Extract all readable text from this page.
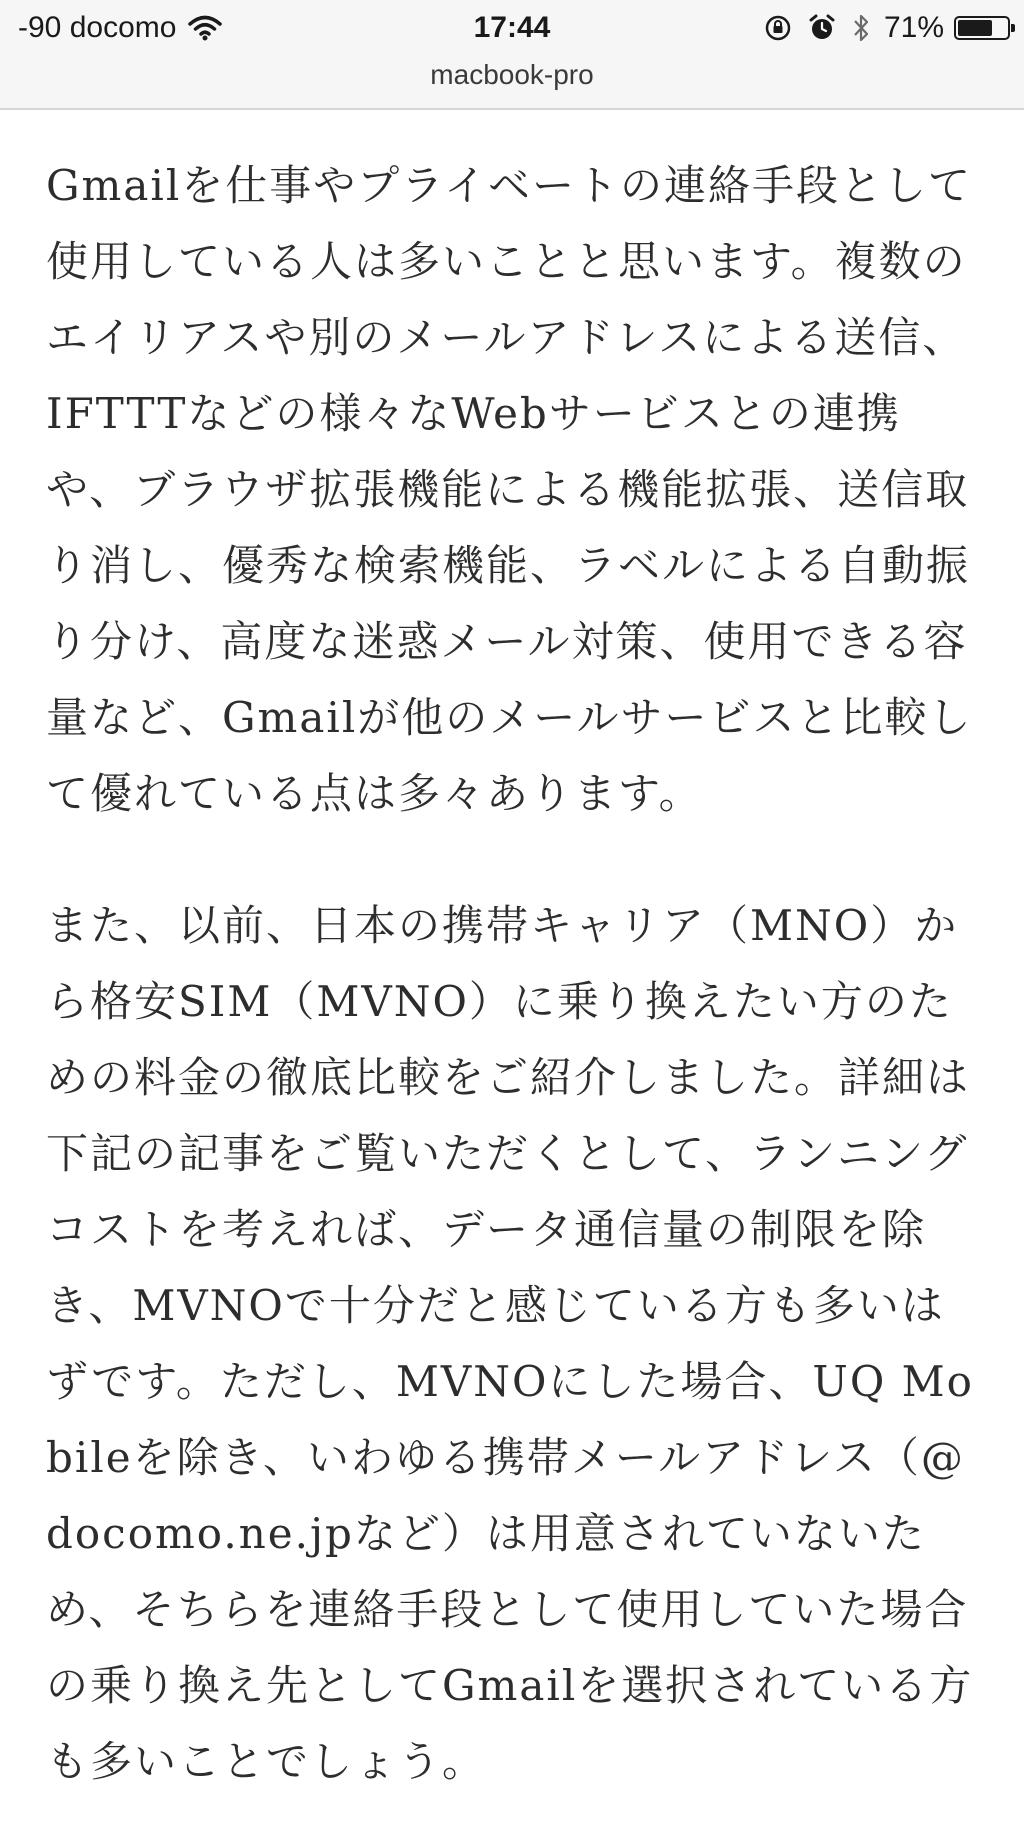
-90 docomo	17:44
macbook-pro
71%

Gmailを仕事やプライベートの連絡手段として使用している人は多いことと思います。複数のエイリアスや別のメールアドレスによる送信、IFTTTなどの様々なWebサービスとの連携や、ブラウザ拡張機能による機能拡張、送信取り消し、優秀な検索機能、ラベルによる自動振り分け、高度な迷惑メール対策、使用できる容量など、Gmailが他のメールサービスと比較して優れている点は多々あります。

また、以前、日本の携帯キャリア（MNO）から格安SIM（MVNO）に乗り換えたい方のための料金の徹底比較をご紹介しました。詳細は下記の記事をご覧いただくとして、ランニングコストを考えれば、データ通信量の制限を除き、MVNOで十分だと感じている方も多いはずです。ただし、MVNOにした場合、UQ Mobileを除き、いわゆる携帯メールアドレス（@docomo.ne.jpなど）は用意されていないため、そちらを連絡手段として使用していた場合の乗り換え先としてGmailを選択されている方も多いことでしょう。
